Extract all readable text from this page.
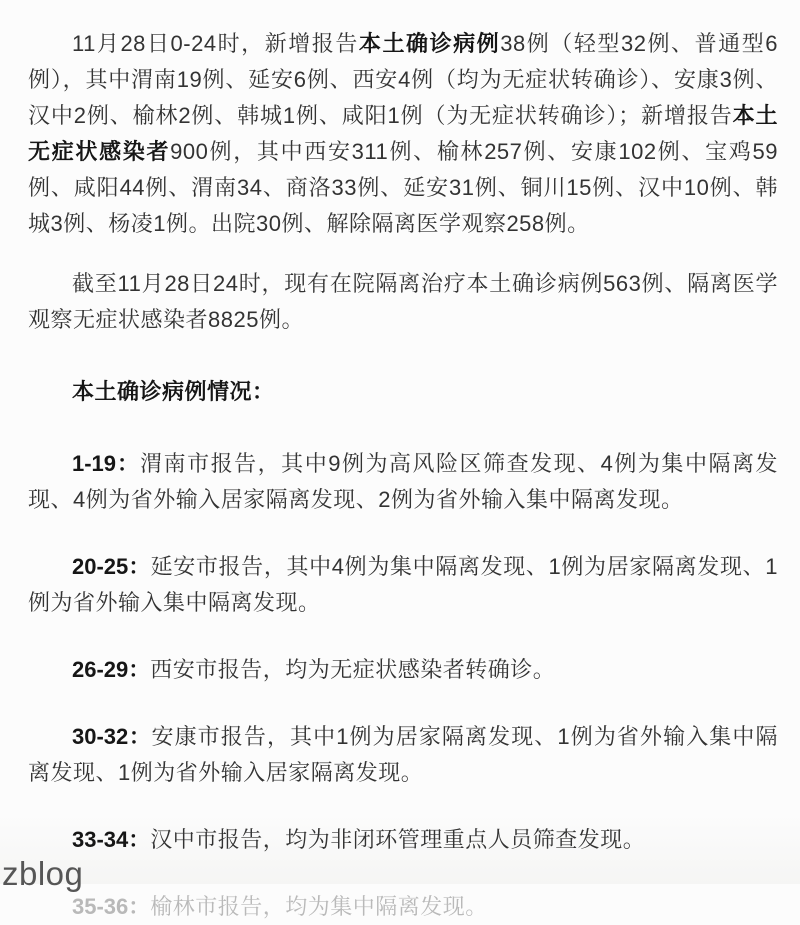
11月28日0-24时，新增报告本土确诊病例38例（轻型32例、普通型6例），其中渭南19例、延安6例、西安4例（均为无症状转确诊）、安康3例、汉中2例、榆林2例、韩城1例、咸阳1例（为无症状转确诊）；新增报告本土无症状感染者900例，其中西安311例、榆林257例、安康102例、宝鸡59例、咸阳44例、渭南34、商洛33例、延安31例、铜川15例、汉中10例、韩城3例、杨凌1例。出院30例、解除隔离医学观察258例。

截至11月28日24时，现有在院隔离治疗本土确诊病例563例、隔离医学观察无症状感染者8825例。

本土确诊病例情况：

1-19：渭南市报告，其中9例为高风险区筛查发现、4例为集中隔离发现、4例为省外输入居家隔离发现、2例为省外输入集中隔离发现。

20-25：延安市报告，其中4例为集中隔离发现、1例为居家隔离发现、1例为省外输入集中隔离发现。

26-29：西安市报告，均为无症状感染者转确诊。

30-32：安康市报告，其中1例为居家隔离发现、1例为省外输入集中隔离发现、1例为省外输入居家隔离发现。

33-34：汉中市报告，均为非闭环管理重点人员筛查发现。

35-36：榆林市报告，均为集中隔离发现。

zblog
